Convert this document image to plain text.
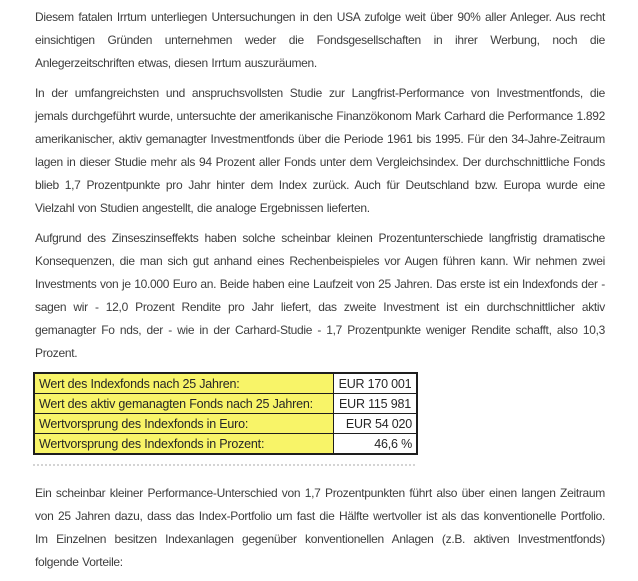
Diesem fatalen Irrtum unterliegen Untersuchungen in den USA zufolge weit über 90% aller Anleger. Aus recht einsichtigen Gründen unternehmen weder die Fondsgesellschaften in ihrer Werbung, noch die Anlegerzeitschriften etwas, diesen Irrtum auszuräumen.

In der umfangreichsten und anspruchsvollsten Studie zur Langfrist-Performance von Investmentfonds, die jemals durchgeführt wurde, untersuchte der amerikanische Finanzökonom Mark Carhard die Performance 1.892 amerikanischer, aktiv gemanagter Investmentfonds über die Periode 1961 bis 1995. Für den 34-Jahre-Zeitraum lagen in dieser Studie mehr als 94 Prozent aller Fonds unter dem Vergleichsindex. Der durchschnittliche Fonds blieb 1,7 Prozentpunkte pro Jahr hinter dem Index zurück. Auch für Deutschland bzw. Europa wurde eine Vielzahl von Studien angestellt, die analoge Ergebnissen lieferten.

Aufgrund des Zinseszinseffekts haben solche scheinbar kleinen Prozentunterschiede langfristig dramatische Konsequenzen, die man sich gut anhand eines Rechenbeispieles vor Augen führen kann. Wir nehmen zwei Investments von je 10.000 Euro an. Beide haben eine Laufzeit von 25 Jahren. Das erste ist ein Indexfonds der - sagen wir - 12,0 Prozent Rendite pro Jahr liefert, das zweite Investment ist ein durchschnittlicher aktiv gemanagter Fo nds, der - wie in der Carhard-Studie - 1,7 Prozentpunkte weniger Rendite schafft, also 10,3 Prozent.

Wert des Indexfonds nach 25 Jahren:	EUR 170 001
Wert des aktiv gemanagten Fonds nach 25 Jahren:	EUR 115 981
Wertvorsprung des Indexfonds in Euro:	EUR 54 020
Wertvorsprung des Indexfonds in Prozent:	46,6 %

Ein scheinbar kleiner Performance-Unterschied von 1,7 Prozentpunkten führt also über einen langen Zeitraum von 25 Jahren dazu, dass das Index-Portfolio um fast die Hälfte wertvoller ist als das konventionelle Portfolio. Im Einzelnen besitzen Indexanlagen gegenüber konventionellen Anlagen (z.B. aktiven Investmentfonds) folgende Vorteile:
